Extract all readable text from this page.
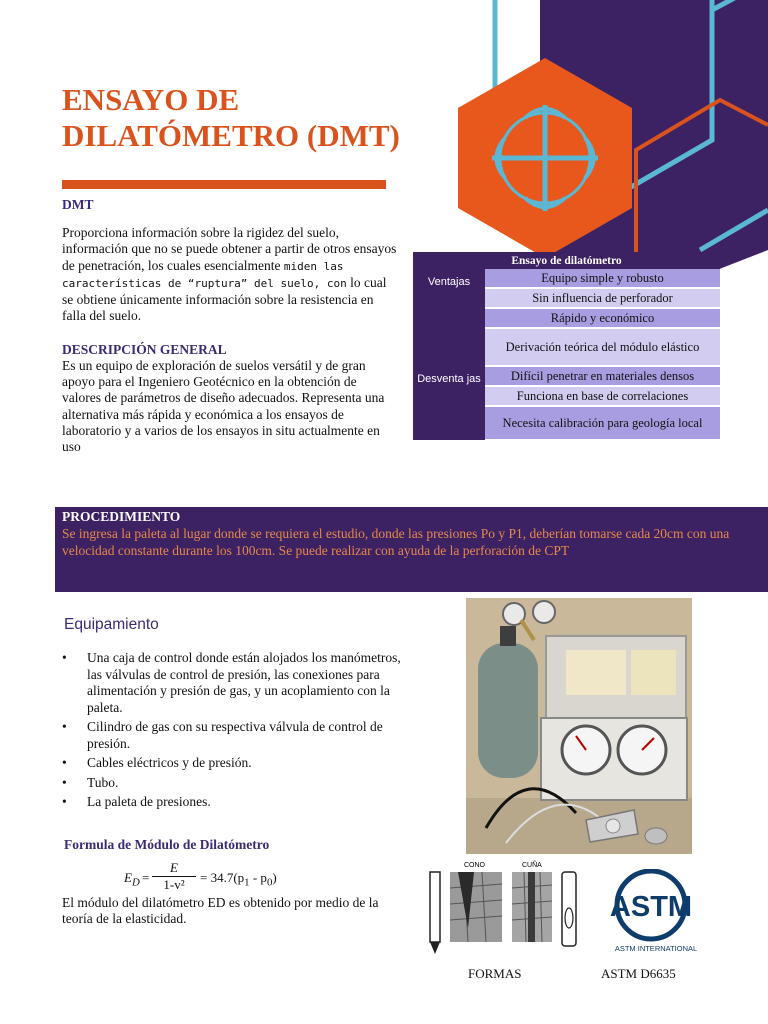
ENSAYO DE
DILATÓMETRO (DMT)

DMT

Proporciona información sobre la rigidez del suelo, información que no se puede obtener a partir de otros ensayos de penetración, los cuales esencialmente miden las características de “ruptura” del suelo, con lo cual se obtiene únicamente información sobre la resistencia en falla del suelo.

DESCRIPCIÓN GENERAL

Es un equipo de exploración de suelos versátil y de gran apoyo para el Ingeniero Geotécnico en la obtención de valores de parámetros de diseño adecuados. Representa una alternativa más rápida y económica a los ensayos de laboratorio y a varios de los ensayos in situ actualmente en uso

Ensayo de dilatómetro	
Ventajas	Equipo simple y robusto
	Sin influencia de perforador
	Rápido y económico
	Derivación teórica del módulo elástico
Desventa jas	Difícil penetrar en materiales densos
	Funciona en base de correlaciones
	Necesita calibración para geología local

PROCEDIMIENTO

Se ingresa la paleta al lugar donde se requiera el estudio, donde las presiones Po y P1, deberían tomarse cada 20cm con una velocidad constante durante los 100cm. Se puede realizar con ayuda de la perforación de CPT

Equipamiento

• Una caja de control donde están alojados los manómetros, las válvulas de control de presión, las conexiones para alimentación y presión de gas, y un acoplamiento con la paleta.
• Cilindro de gas con su respectiva válvula de control de presión.
• Cables eléctricos y de presión.
• Tubo.
• La paleta de presiones.

Formula de Módulo de Dilatómetro

$E_D = \frac{E}{\text{1-v²}} = 34.7(p_1 - p_0)$

El módulo del dilatómetro ED es obtenido por medio de la teoría de la elasticidad.

CONO	CUÑA
ASTM
ASTM INTERNATIONAL

FORMAS	ASTM D6635
